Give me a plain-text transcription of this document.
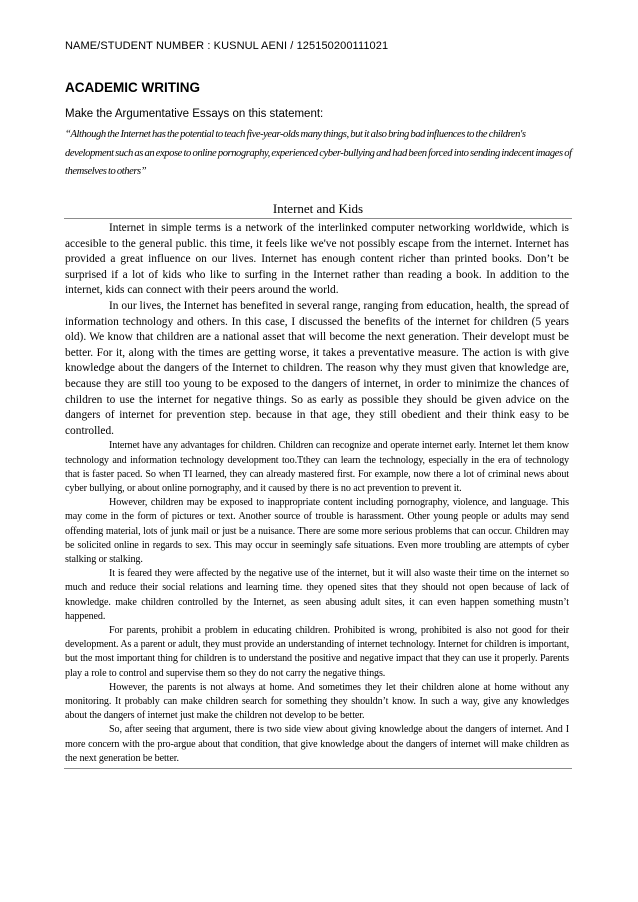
NAME/STUDENT NUMBER : KUSNUL AENI / 125150200111021
ACADEMIC WRITING
Make the Argumentative Essays on this statement:
“Although the Internet has the potential to teach five-year-olds many things, but it also bring bad influences to the children's development such as an expose to online pornography, experienced cyber-bullying and had been forced into sending indecent images of themselves to others”
Internet and Kids

Internet in simple terms is a network of the interlinked computer networking worldwide, which is accesible to the general public. this time, it feels like we've not possibly escape from the internet. Internet has provided a great influence on our lives. Internet has enough content richer than printed books. Don’t be surprised if a lot of kids who like to surfing in the Internet rather than reading a book. In addition to the internet, kids can connect with their peers around the world.

In our lives, the Internet has benefited in several range, ranging from education, health, the spread of information technology and others. In this case, I discussed the benefits of the internet for children (5 years old). We know that children are a national asset that will become the next generation. Their developt must be better. For it, along with the times are getting worse, it takes a preventative measure. The action is with give knowledge about the dangers of the Internet to children. The reason why they must given that knowledge are, because they are still too young to be exposed to the dangers of internet, in order to minimize the chances of children to use the internet for negative things. So as early as possible they should be given advice on the dangers of internet for prevention step. because in that age, they still obedient and their think easy to be controlled.

Internet have any advantages for children. Children can recognize and operate internet early. Internet let them know technology and information technology development too.Tthey can learn the technology, especially in the era of technology that is faster paced. So when TI learned, they can already mastered first. For example, now there a lot of criminal news about cyber bullying, or about online pornography, and it caused by there is no act prevention to prevent it.

However, children may be exposed to inappropriate content including pornography, violence, and language. This may come in the form of pictures or text. Another source of trouble is harassment. Other young people or adults may send offending material, lots of junk mail or just be a nuisance. There are some more serious problems that can occur. Children may be solicited online in regards to sex. This may occur in seemingly safe situations. Even more troubling are attempts of cyber stalking or stalking.

It is feared they were affected by the negative use of the internet, but it will also waste their time on the internet so much and reduce their social relations and learning time. they opened sites that they should not open because of lack of knowledge. make children controlled by the Internet, as seen abusing adult sites, it can even happen something mustn’t happened.

For parents, prohibit a problem in educating children. Prohibited is wrong, prohibited is also not good for their development. As a parent or adult, they must provide an understanding of internet technology. Internet for children is important, but the most important thing for children is to understand the positive and negative impact that they can use it properly. Parents play a role to control and supervise them so they do not carry the negative things.

However, the parents is not always at home. And sometimes they let their children alone at home without any monitoring. It probably can make children search for something they shouldn’t know. In such a way, give any knowledges about the dangers of internet just make the children not develop to be better.

So, after seeing that argument, there is two side view about giving knowledge about the dangers of internet. And I more concern with the pro-argue about that condition, that give knowledge about the dangers of internet will make children as the next generation be better.
